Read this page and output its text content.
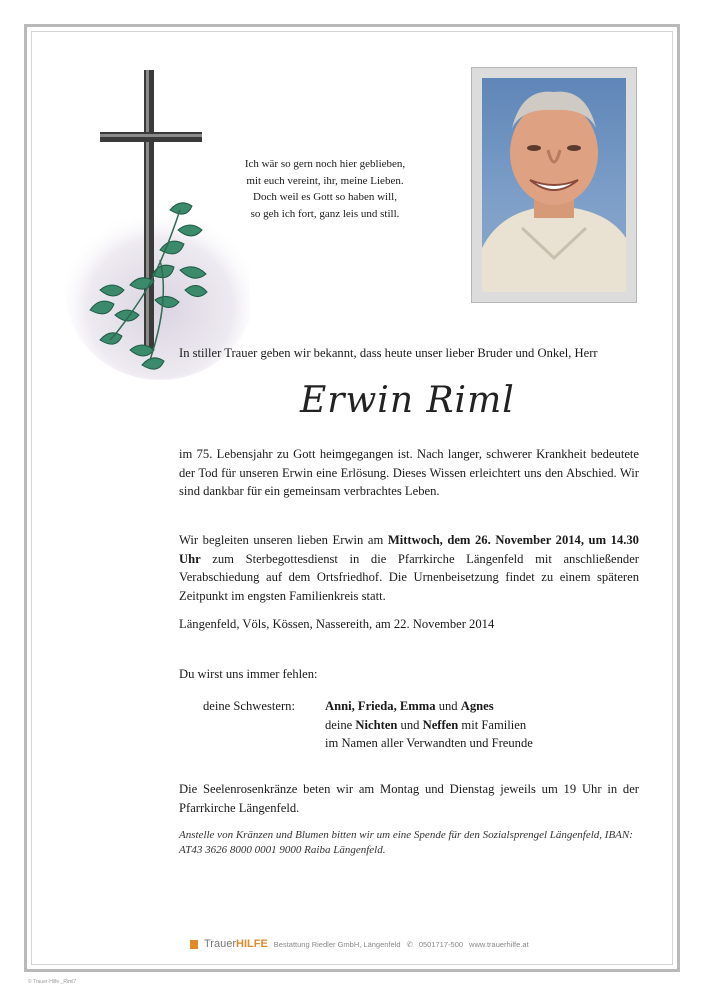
Ich wär so gern noch hier geblieben,
mit euch vereint, ihr, meine Lieben.
Doch weil es Gott so haben will,
so geh ich fort, ganz leis und still.
In stiller Trauer geben wir bekannt, dass heute unser lieber Bruder und Onkel, Herr
Erwin Riml
im 75. Lebensjahr zu Gott heimgegangen ist. Nach langer, schwerer Krankheit bedeutete der Tod für unseren Erwin eine Erlösung. Dieses Wissen erleichtert uns den Abschied. Wir sind dankbar für ein gemeinsam verbrachtes Leben.
Wir begleiten unseren lieben Erwin am Mittwoch, dem 26. November 2014, um 14.30 Uhr zum Sterbegottesdienst in die Pfarrkirche Längenfeld mit anschließender Verabschiedung auf dem Ortsfriedhof. Die Urnenbeisetzung findet zu einem späteren Zeitpunkt im engsten Familienkreis statt.
Längenfeld, Völs, Kössen, Nassereith, am 22. November 2014
Du wirst uns immer fehlen:
deine Schwestern:	Anni, Frieda, Emma und Agnes
deine Nichten und Neffen mit Familien
im Namen aller Verwandten und Freunde
Die Seelenrosenkränze beten wir am Montag und Dienstag jeweils um 19 Uhr in der Pfarrkirche Längenfeld.
Anstelle von Kränzen und Blumen bitten wir um eine Spende für den Sozialsprengel Längenfeld, IBAN: AT43 3626 8000 0001 9000 Raiba Längenfeld.
TrauerHILFE Bestattung Riedler GmbH, Längenfeld ✆ 0501717-500 www.trauerhilfe.at
© Trauer-Hilfe _Riml7
